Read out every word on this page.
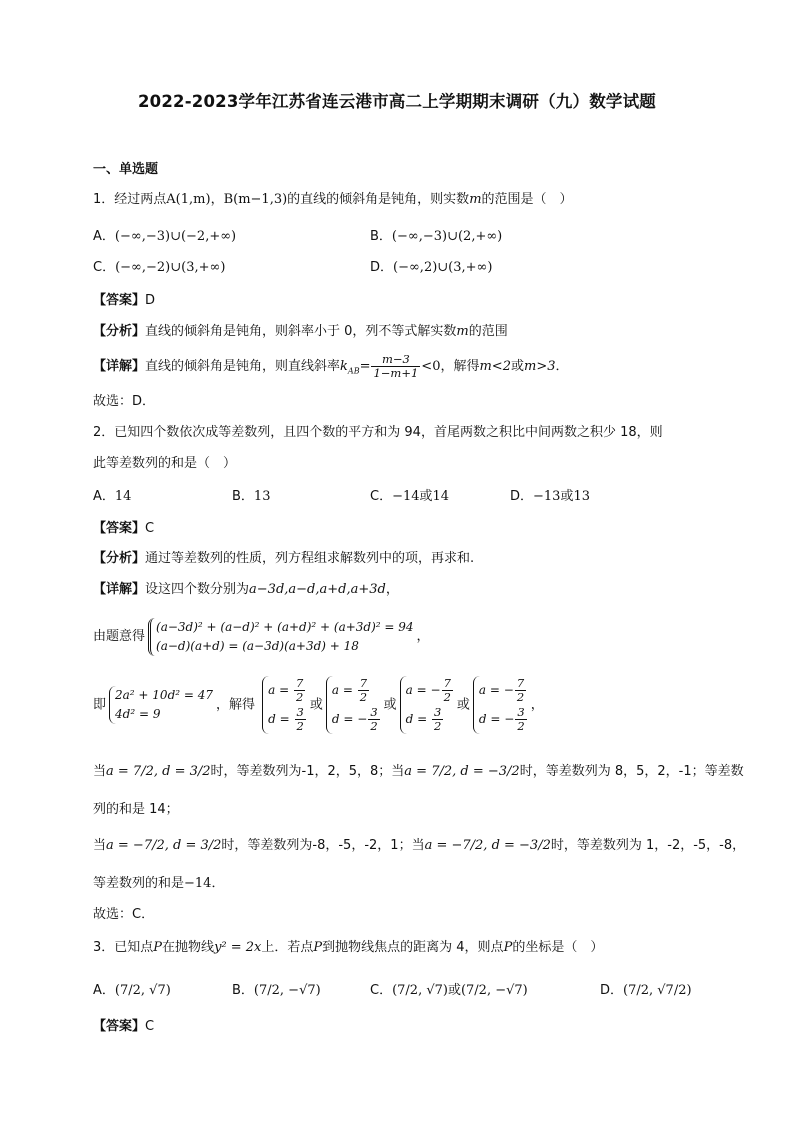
2022-2023学年江苏省连云港市高二上学期期末调研（九）数学试题
一、单选题
1．经过两点A(1,m)，B(m−1,3)的直线的倾斜角是钝角，则实数m的范围是（　）
A．(−∞,−3)∪(−2,+∞)	B．(−∞,−3)∪(2,+∞)
C．(−∞,−2)∪(3,+∞)	D．(−∞,2)∪(3,+∞)
【答案】D
【分析】直线的倾斜角是钝角，则斜率小于 0，列不等式解实数m的范围
【详解】直线的倾斜角是钝角，则直线斜率$k_{AB}= \frac{m-3}{1-m+1} <0$，解得m<2或m>3．
故选：D．
2．已知四个数依次成等差数列，且四个数的平方和为 94，首尾两数之积比中间两数之积少 18，则
此等差数列的和是（　）
A．14	B．13	C．−14或14	D．−13或13
【答案】C
【分析】通过等差数列的性质，列方程组求解数列中的项，再求和.
【详解】设这四个数分别为a−3d,a−d,a+d,a+3d，
由题意得
(a−3d)² + (a−d)² + (a+d)² + (a+3d)² = 94
(a−d)(a+d) = (a−3d)(a+3d) + 18
，
即
2a² + 10d² = 47
4d² = 9
，解得
$a = \frac{7}{2}$
$d = \frac{3}{2}$
或
$a = \frac{7}{2}$
d = − $\frac{3}{2}$
或
a = − $\frac{7}{2}$
$d = \frac{3}{2}$
或
a = − $\frac{7}{2}$
d = − $\frac{3}{2}$
，
当a = 7/2, d = 3/2时，等差数列为-1，2，5，8；当a = 7/2, d = −3/2时，等差数列为 8，5，2，-1；等差数
列的和是 14；
当a = −7/2, d = 3/2时，等差数列为-8，-5，-2，1；当a = −7/2, d = −3/2时，等差数列为 1，-2，-5，-8，
等差数列的和是−14．
故选：C．
3．已知点P在抛物线y² = 2x上．若点P到抛物线焦点的距离为 4，则点P的坐标是（　）
A．(7/2, √7)	B．(7/2, −√7)	C．(7/2, √7)或(7/2, −√7)	D．(7/2, √7/2)
【答案】C
